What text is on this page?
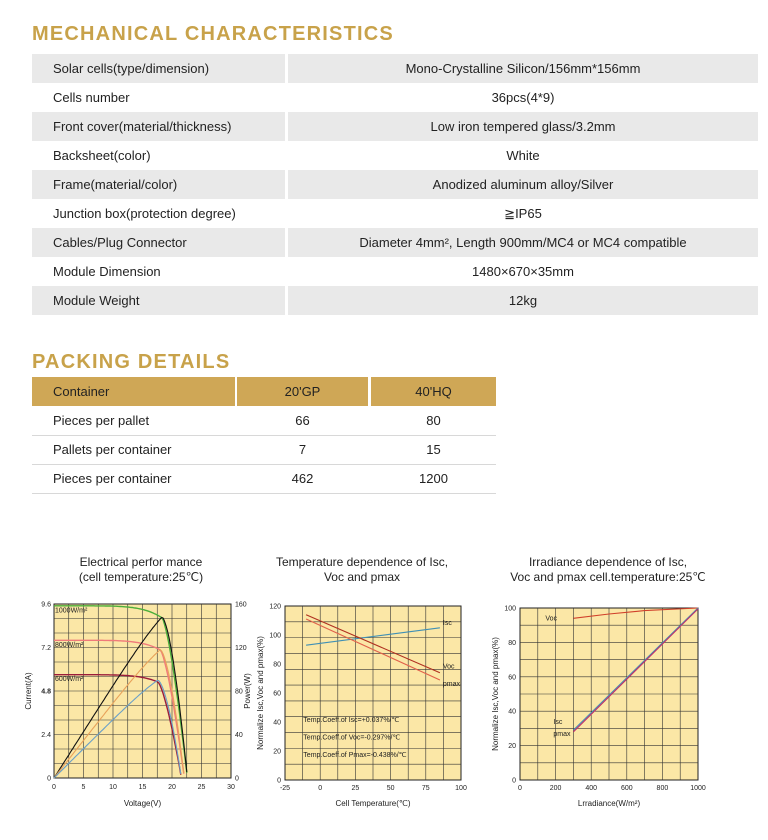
MECHANICAL CHARACTERISTICS
Solar cells(type/dimension)	Mono-Crystalline Silicon/156mm*156mm
Cells number	36pcs(4*9)
Front cover(material/thickness)	Low iron tempered glass/3.2mm
Backsheet(color)	White
Frame(material/color)	Anodized aluminum alloy/Silver
Junction box(protection degree)	≧IP65
Cables/Plug Connector	Diameter 4mm², Length 900mm/MC4 or MC4 compatible
Module Dimension	1480×670×35mm
Module Weight	12kg
PACKING DETAILS
Container	20'GP	40'HQ
Pieces per pallet	66	80
Pallets per container	7	15
Pieces per container	462	1200
Electrical perfor mance
(cell temperature:25℃)
Temperature dependence of Isc,
Voc and pmax
Irradiance dependence of Isc,
Voc and pmax cell.temperature:25℃
0	5	10	15	20	25	30
0
2.4
4.8
7.2
9.6
0
40
80
120
160
Voltage(V)
Current(A)	Power(W)
1000W/m²
800W/m²
600W/m²
-25	0	25	50	75	100
0
20
40
60
80
100
120
Cell Temperature(℃)
Normalize Isc,Voc and pmax(%)
Isc
Voc
pmax
Temp.Coeff.of Isc=+0.037%/℃
Temp.Coeff.of Voc=-0.297%/℃
Temp.Coeff.of Pmax=-0.438%/℃
0	200	400	600	800	1000
0
20
40
60
80
100
Lrradiance(W/m²)
Normalize Isc,Voc and pmax(%)
Voc
Isc
pmax
